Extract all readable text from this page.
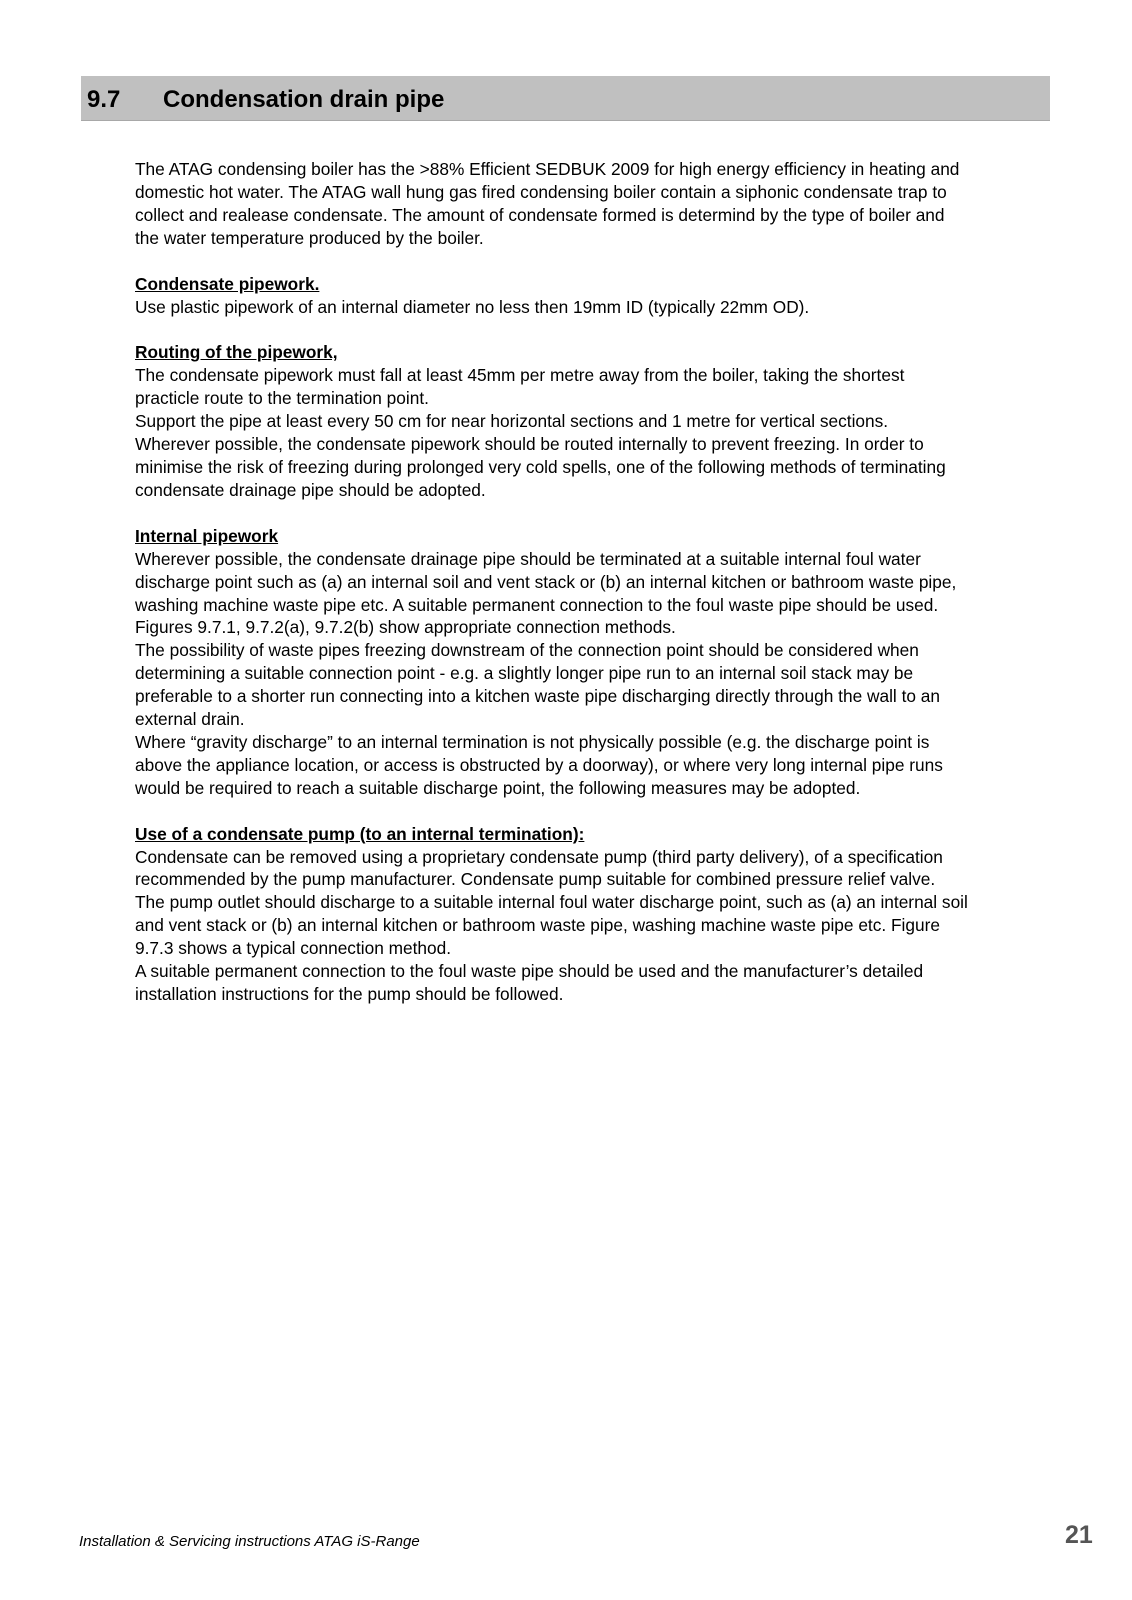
9.7 Condensation drain pipe

The ATAG condensing boiler has the >88% Efficient SEDBUK 2009 for high energy efficiency in heating and

domestic hot water. The ATAG wall hung gas fired condensing boiler contain a siphonic condensate trap to

collect and realease condensate. The amount of condensate formed is determind by the type of boiler and

the water temperature produced by the boiler.

Condensate pipework.

Use plastic pipework of an internal diameter no less then 19mm ID (typically 22mm OD).

Routing of the pipework,

The condensate pipework must fall at least 45mm per metre away from the boiler, taking the shortest

practicle route to the termination point.

Support the pipe at least every 50 cm for near horizontal sections and 1 metre for vertical sections.

Wherever possible, the condensate pipework should be routed internally to prevent freezing. In order to

minimise the risk of freezing during prolonged very cold spells, one of the following methods of terminating

condensate drainage pipe should be adopted.

Internal pipework

Wherever possible, the condensate drainage pipe should be terminated at a suitable internal foul water

discharge point such as (a) an internal soil and vent stack or (b) an internal kitchen or bathroom waste pipe,

washing machine waste pipe etc. A suitable permanent connection to the foul waste pipe should be used.

Figures 9.7.1, 9.7.2(a), 9.7.2(b) show appropriate connection methods.

The possibility of waste pipes freezing downstream of the connection point should be considered when

determining a suitable connection point - e.g. a slightly longer pipe run to an internal soil stack may be

preferable to a shorter run connecting into a kitchen waste pipe discharging directly through the wall to an

external drain.

Where “gravity discharge” to an internal termination is not physically possible (e.g. the discharge point is

above the appliance location, or access is obstructed by a doorway), or where very long internal pipe runs

would be required to reach a suitable discharge point, the following measures may be adopted.

Use of a condensate pump (to an internal termination):

Condensate can be removed using a proprietary condensate pump (third party delivery), of a specification

recommended by the pump manufacturer. Condensate pump suitable for combined pressure relief valve.

The pump outlet should discharge to a suitable internal foul water discharge point, such as (a) an internal soil

and vent stack or (b) an internal kitchen or bathroom waste pipe, washing machine waste pipe etc. Figure

9.7.3 shows a typical connection method.

A suitable permanent connection to the foul waste pipe should be used and the manufacturer’s detailed

installation instructions for the pump should be followed.

Installation & Servicing instructions ATAG iS-Range	21
